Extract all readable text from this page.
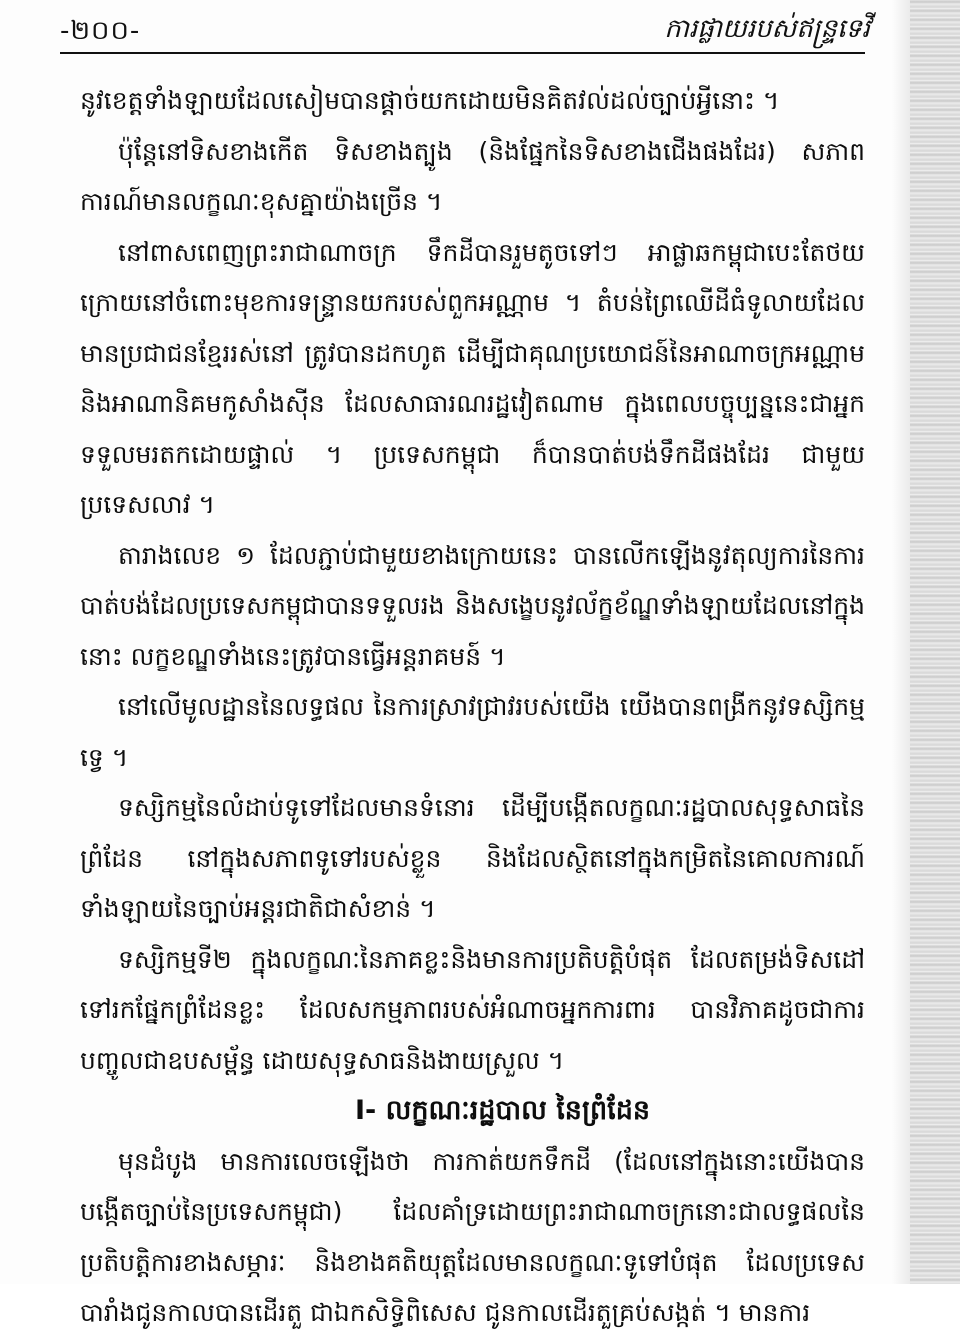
-២០០-	ការផ្លាយរបស់ឥន្ទ្រទេវី

នូវខេត្តទាំងឡាយដែលសៀមបានផ្ដាច់យកដោយមិនគិតវល់ដល់ច្បាប់អ្វីនោះ ។

ប៉ុន្តែនៅទិសខាងកើត ទិសខាងត្បូង (និងផ្នែកនៃទិសខាងជើងផងដែរ) សភាពការណ៍មានលក្ខណៈខុសគ្នាយ៉ាងច្រើន ។

នៅពាសពេញព្រះរាជាណាចក្រ ទឹកដីបានរួមតូចទៅៗ អាផ្លាឆកម្ពុជាបេះតែថយក្រោយនៅចំពោះមុខការទន្ទ្រានយករបស់ពួកអណ្ណាម ។ តំបន់ព្រៃឈើដីធំទូលាយដែលមានប្រជាជនខ្មែររស់នៅ ត្រូវបានដកហូត ដើម្បីជាគុណប្រយោជន៍នៃអាណាចក្រអណ្ណាម និងអាណានិគមកូសាំងស៊ីន ដែលសាធារណរដ្ឋវៀតណាម ក្នុងពេលបច្ចុប្បន្ននេះជាអ្នកទទួលមរតកដោយផ្ទាល់ ។ ប្រទេសកម្ពុជា ក៏បានបាត់បង់ទឹកដីផងដែរ ជាមួយប្រទេសលាវ ។

តារាងលេខ ១ ដែលភ្ជាប់ជាមួយខាងក្រោយនេះ បានលើកឡើងនូវតុល្យការនៃការបាត់បង់ដែលប្រទេសកម្ពុជាបានទទួលរង និងសង្ខេបនូវល័ក្ខខ័ណ្ឌទាំងឡាយដែលនៅក្នុងនោះ លក្ខខណ្ឌទាំងនេះត្រូវបានធ្វើអន្តរាគមន៍ ។

នៅលើមូលដ្ឋាននៃលទ្ធផល នៃការស្រាវជ្រាវរបស់យើង យើងបានពង្រីកនូវទស្សិកម្មទ្វេ ។

ទស្សិកម្មនៃលំដាប់ទូទៅដែលមានទំនោរ ដើម្បីបង្កើតលក្ខណៈរដ្ឋបាលសុទ្ធសាធនៃព្រំដែន នៅក្នុងសភាពទូទៅរបស់ខ្លួន និងដែលស្ថិតនៅក្នុងកម្រិតនៃគោលការណ៍ទាំងឡាយនៃច្បាប់អន្តរជាតិជាសំខាន់ ។

ទស្សិកម្មទី២ ក្នុងលក្ខណៈនៃភាគខ្លះនិងមានការប្រតិបត្តិបំផុត ដែលតម្រង់ទិសដៅទៅរកផ្នែកព្រំដែនខ្លះ ដែលសកម្មភាពរបស់អំណាចអ្នកការពារ បានវិភាគដូចជាការបញ្ចូលជាឧបសម្ព័ន្ធ ដោយសុទ្ធសាធនិងងាយស្រួល ។

I- លក្ខណៈរដ្ឋបាល នៃព្រំដែន

មុនដំបូង មានការលេចឡើងថា ការកាត់យកទឹកដី (ដែលនៅក្នុងនោះយើងបានបង្កើតច្បាប់នៃប្រទេសកម្ពុជា) ដែលគាំទ្រដោយព្រះរាជាណាចក្រនោះជាលទ្ធផលនៃប្រតិបត្តិការខាងសម្ភារៈ និងខាងគតិយុត្តដែលមានលក្ខណៈទូទៅបំផុត ដែលប្រទេសបារាំងជូនកាលបានដើរតួ ជាឯកសិទ្ធិពិសេស ជូនកាលដើរតួគ្រប់សង្កត់ ។ មានការ
